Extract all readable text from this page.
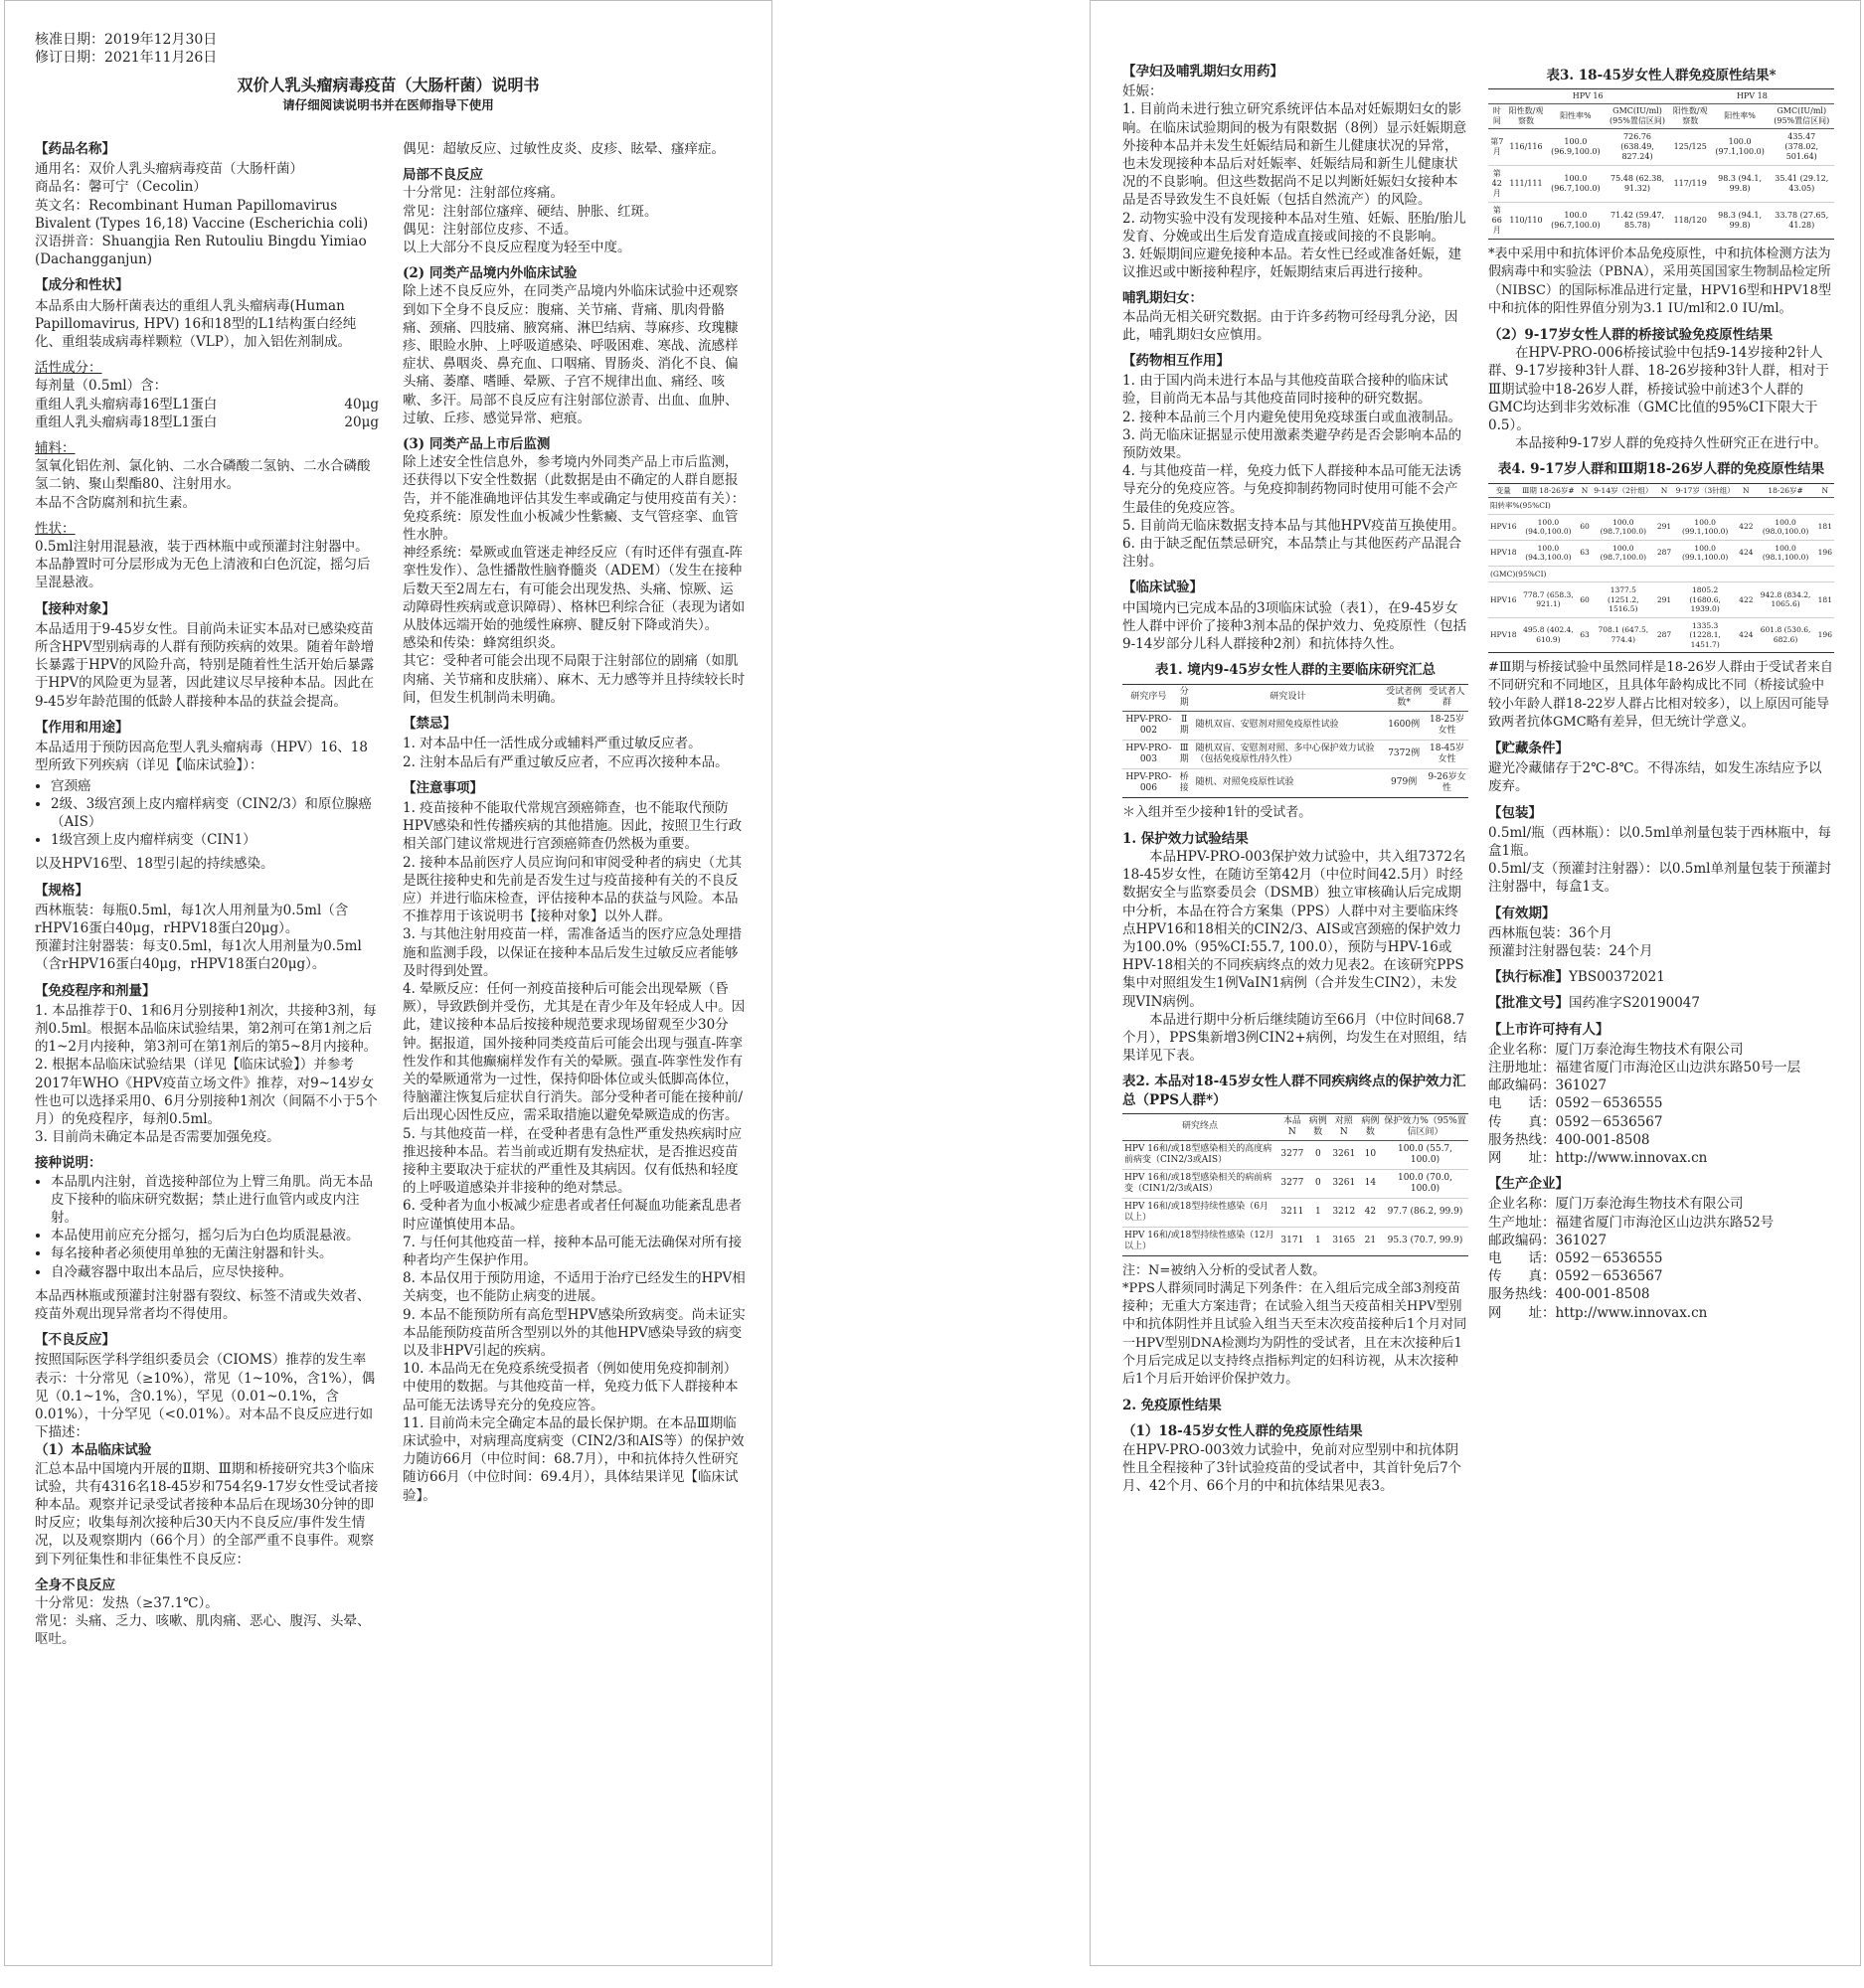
核准日期：2019年12月30日
修订日期：2021年11月26日
双价人乳头瘤病毒疫苗（大肠杆菌）说明书
请仔细阅读说明书并在医师指导下使用

【药品名称】
通用名：双价人乳头瘤病毒疫苗（大肠杆菌）
商品名：馨可宁（Cecolin）
英文名：Recombinant Human Papillomavirus Bivalent (Types 16,18) Vaccine (Escherichia coli)
汉语拼音：Shuangjia Ren Rutouliu Bingdu Yimiao (Dachangganjun)

【成分和性状】
本品系由大肠杆菌表达的重组人乳头瘤病毒(Human Papillomavirus, HPV) 16和18型的L1结构蛋白经纯化、重组装成病毒样颗粒（VLP），加入铝佐剂制成。

活性成分：
每剂量（0.5ml）含：
重组人乳头瘤病毒16型L1蛋白	40μg
重组人乳头瘤病毒18型L1蛋白	20μg

辅料：
氢氧化铝佐剂、氯化钠、二水合磷酸二氢钠、二水合磷酸氢二钠、聚山梨酯80、注射用水。
本品不含防腐剂和抗生素。

性状：
0.5ml注射用混悬液，装于西林瓶中或预灌封注射器中。
本品静置时可分层形成为无色上清液和白色沉淀，摇匀后呈混悬液。

【接种对象】
本品适用于9-45岁女性。目前尚未证实本品对已感染疫苗所含HPV型别病毒的人群有预防疾病的效果。随着年龄增长暴露于HPV的风险升高，特别是随着性生活开始后暴露于HPV的风险更为显著，因此建议尽早接种本品。因此在9-45岁年龄范围的低龄人群接种本品的获益会提高。

【作用和用途】
本品适用于预防因高危型人乳头瘤病毒（HPV）16、18型所致下列疾病（详见【临床试验】）：

• 宫颈癌
• 2级、3级宫颈上皮内瘤样病变（CIN2/3）和原位腺癌（AIS）
• 1级宫颈上皮内瘤样病变（CIN1）

以及HPV16型、18型引起的持续感染。

【规格】
西林瓶装：每瓶0.5ml，每1次人用剂量为0.5ml（含rHPV16蛋白40μg，rHPV18蛋白20μg）。
预灌封注射器装：每支0.5ml，每1次人用剂量为0.5ml（含rHPV16蛋白40μg，rHPV18蛋白20μg）。

【免疫程序和剂量】
1. 本品推荐于0、1和6月分别接种1剂次，共接种3剂，每剂0.5ml。根据本品临床试验结果，第2剂可在第1剂之后的1~2月内接种，第3剂可在第1剂后的第5~8月内接种。
2. 根据本品临床试验结果（详见【临床试验】）并参考2017年WHO《HPV疫苗立场文件》推荐，对9~14岁女性也可以选择采用0、6月分别接种1剂次（间隔不小于5个月）的免疫程序，每剂0.5ml。
3. 目前尚未确定本品是否需要加强免疫。

接种说明：

• 本品肌内注射，首选接种部位为上臂三角肌。尚无本品皮下接种的临床研究数据；禁止进行血管内或皮内注射。
• 本品使用前应充分摇匀，摇匀后为白色均质混悬液。
• 每名接种者必须使用单独的无菌注射器和针头。
• 自冷藏容器中取出本品后，应尽快接种。

本品西林瓶或预灌封注射器有裂纹、标签不清或失效者、疫苗外观出现异常者均不得使用。

【不良反应】
按照国际医学科学组织委员会（CIOMS）推荐的发生率表示：十分常见（≥10%），常见（1~10%，含1%），偶见（0.1~1%，含0.1%），罕见（0.01~0.1%，含0.01%），十分罕见（<0.01%）。对本品不良反应进行如下描述：
（1）本品临床试验
汇总本品中国境内开展的Ⅱ期、Ⅲ期和桥接研究共3个临床试验，共有4316名18-45岁和754名9-17岁女性受试者接种本品。观察并记录受试者接种本品后在现场30分钟的即时反应；收集每剂次接种后30天内不良反应/事件发生情况，以及观察期内（66个月）的全部严重不良事件。观察到下列征集性和非征集性不良反应：

全身不良反应
十分常见：发热（≥37.1℃）。
常见：头痛、乏力、咳嗽、肌肉痛、恶心、腹泻、头晕、呕吐。

偶见：超敏反应、过敏性皮炎、皮疹、眩晕、瘙痒症。

局部不良反应
十分常见：注射部位疼痛。
常见：注射部位瘙痒、硬结、肿胀、红斑。
偶见：注射部位皮疹、不适。
以上大部分不良反应程度为轻至中度。

(2) 同类产品境内外临床试验
除上述不良反应外，在同类产品境内外临床试验中还观察到如下全身不良反应：腹痛、关节痛、背痛、肌肉骨骼痛、颈痛、四肢痛、腋窝痛、淋巴结病、荨麻疹、玫瑰糠疹、眼睑水肿、上呼吸道感染、呼吸困难、寒战、流感样症状、鼻咽炎、鼻充血、口咽痛、胃肠炎、消化不良、偏头痛、萎靡、嗜睡、晕厥、子宫不规律出血、痛经、咳嗽、多汗。局部不良反应有注射部位淤青、出血、血肿、过敏、丘疹、感觉异常、疤痕。

(3) 同类产品上市后监测
除上述安全性信息外，参考境内外同类产品上市后监测，还获得以下安全性数据（此数据是由不确定的人群自愿报告，并不能准确地评估其发生率或确定与使用疫苗有关）：
免疫系统：原发性血小板减少性紫癜、支气管痉挛、血管性水肿。
神经系统：晕厥或血管迷走神经反应（有时还伴有强直-阵挛性发作）、急性播散性脑脊髓炎（ADEM）（发生在接种后数天至2周左右，有可能会出现发热、头痛、惊厥、运动障碍性疾病或意识障碍）、格林巴利综合征（表现为诸如从肢体远端开始的弛缓性麻痹、腱反射下降或消失）。
感染和传染：蜂窝组织炎。
其它：受种者可能会出现不局限于注射部位的剧痛（如肌肉痛、关节痛和皮肤痛）、麻木、无力感等并且持续较长时间，但发生机制尚未明确。

【禁忌】
1. 对本品中任一活性成分或辅料严重过敏反应者。
2. 注射本品后有严重过敏反应者，不应再次接种本品。

【注意事项】
1. 疫苗接种不能取代常规宫颈癌筛查，也不能取代预防HPV感染和性传播疾病的其他措施。因此，按照卫生行政相关部门建议常规进行宫颈癌筛查仍然极为重要。
2. 接种本品前医疗人员应询问和审阅受种者的病史（尤其是既往接种史和先前是否发生过与疫苗接种有关的不良反应）并进行临床检查，评估接种本品的获益与风险。本品不推荐用于该说明书【接种对象】以外人群。
3. 与其他注射用疫苗一样，需准备适当的医疗应急处理措施和监测手段，以保证在接种本品后发生过敏反应者能够及时得到处置。
4. 晕厥反应：任何一剂疫苗接种后可能会出现晕厥（昏厥），导致跌倒并受伤，尤其是在青少年及年轻成人中。因此，建议接种本品后按接种规范要求现场留观至少30分钟。据报道，国外接种同类疫苗后可能会出现与强直-阵挛性发作和其他癫痫样发作有关的晕厥。强直-阵挛性发作有关的晕厥通常为一过性，保持仰卧体位或头低脚高体位，待脑灌注恢复后症状自行消失。部分受种者可能在接种前/后出现心因性反应，需采取措施以避免晕厥造成的伤害。
5. 与其他疫苗一样，在受种者患有急性严重发热疾病时应推迟接种本品。若当前或近期有发热症状，是否推迟疫苗接种主要取决于症状的严重性及其病因。仅有低热和轻度的上呼吸道感染并非接种的绝对禁忌。
6. 受种者为血小板减少症患者或者任何凝血功能紊乱患者时应谨慎使用本品。
7. 与任何其他疫苗一样，接种本品可能无法确保对所有接种者均产生保护作用。
8. 本品仅用于预防用途，不适用于治疗已经发生的HPV相关病变，也不能防止病变的进展。
9. 本品不能预防所有高危型HPV感染所致病变。尚未证实本品能预防疫苗所含型别以外的其他HPV感染导致的病变以及非HPV引起的疾病。
10. 本品尚无在免疫系统受损者（例如使用免疫抑制剂）中使用的数据。与其他疫苗一样，免疫力低下人群接种本品可能无法诱导充分的免疫应答。
11. 目前尚未完全确定本品的最长保护期。在本品Ⅲ期临床试验中，对病理高度病变（CIN2/3和AIS等）的保护效力随访66月（中位时间：68.7月），中和抗体持久性研究随访66月（中位时间：69.4月），具体结果详见【临床试验】。

【孕妇及哺乳期妇女用药】
妊娠：
1. 目前尚未进行独立研究系统评估本品对妊娠期妇女的影响。在临床试验期间的极为有限数据（8例）显示妊娠期意外接种本品并未发生妊娠结局和新生儿健康状况的异常，也未发现接种本品后对妊娠率、妊娠结局和新生儿健康状况的不良影响。但这些数据尚不足以判断妊娠妇女接种本品是否导致发生不良妊娠（包括自然流产）的风险。
2. 动物实验中没有发现接种本品对生殖、妊娠、胚胎/胎儿发育、分娩或出生后发育造成直接或间接的不良影响。
3. 妊娠期间应避免接种本品。若女性已经或准备妊娠，建议推迟或中断接种程序，妊娠期结束后再进行接种。

哺乳期妇女：
本品尚无相关研究数据。由于许多药物可经母乳分泌，因此，哺乳期妇女应慎用。

【药物相互作用】
1. 由于国内尚未进行本品与其他疫苗联合接种的临床试验，目前尚无本品与其他疫苗同时接种的研究数据。
2. 接种本品前三个月内避免使用免疫球蛋白或血液制品。
3. 尚无临床证据显示使用激素类避孕药是否会影响本品的预防效果。
4. 与其他疫苗一样，免疫力低下人群接种本品可能无法诱导充分的免疫应答。与免疫抑制药物同时使用可能不会产生最佳的免疫应答。
5. 目前尚无临床数据支持本品与其他HPV疫苗互换使用。
6. 由于缺乏配伍禁忌研究，本品禁止与其他医药产品混合注射。

【临床试验】
中国境内已完成本品的3项临床试验（表1），在9-45岁女性人群中评价了接种3剂本品的保护效力、免疫原性（包括9-14岁部分儿科人群接种2剂）和抗体持久性。

表1. 境内9-45岁女性人群的主要临床研究汇总
研究序号	分期	研究设计	受试者例数*	受试者人群
HPV-PRO-002	Ⅱ期	随机双盲、安慰剂对照免疫原性试验	1600例	18-25岁女性
HPV-PRO-003	Ⅲ期	随机双盲、安慰剂对照、多中心保护效力试验（包括免疫原性/持久性）	7372例	18-45岁女性
HPV-PRO-006	桥接	随机、对照免疫原性试验	979例	9-26岁女性

＊入组并至少接种1针的受试者。

1. 保护效力试验结果
本品HPV-PRO-003保护效力试验中，共入组7372名18-45岁女性，在随访至第42月（中位时间42.5月）时经数据安全与监察委员会（DSMB）独立审核确认后完成期中分析，本品在符合方案集（PPS）人群中对主要临床终点HPV16和18相关的CIN2/3、AIS或宫颈癌的保护效力为100.0%（95%CI:55.7, 100.0），预防与HPV-16或HPV-18相关的不同疾病终点的效力见表2。在该研究PPS集中对照组发生1例VaIN1病例（合并发生CIN2），未发现VIN病例。
本品进行期中分析后继续随访至66月（中位时间68.7个月），PPS集新增3例CIN2+病例，均发生在对照组，结果详见下表。

表2. 本品对18-45岁女性人群不同疾病终点的保护效力汇总（PPS人群*）
研究终点	本品 N	病例数	对照 N	病例数	保护效力%（95%置信区间）
HPV 16和/或18型感染相关的高度病前病变（CIN2/3或AIS）	3277	0	3261	10	100.0 (55.7, 100.0)
HPV 16和/或18型感染相关的病前病变（CIN1/2/3或AIS）	3277	0	3261	14	100.0 (70.0, 100.0)
HPV 16和/或18型持续性感染（6月以上）	3211	1	3212	42	97.7 (86.2, 99.9)
HPV 16和/或18型持续性感染（12月以上）	3171	1	3165	21	95.3 (70.7, 99.9)

注：N=被纳入分析的受试者人数。
*PPS人群须同时满足下列条件：在入组后完成全部3剂疫苗接种；无重大方案违背；在试验入组当天疫苗相关HPV型别中和抗体阴性并且试验入组当天至末次疫苗接种后1个月对同一HPV型别DNA检测均为阴性的受试者，且在末次接种后1个月后完成足以支持终点指标判定的妇科访视，从末次接种后1个月后开始评价保护效力。

2. 免疫原性结果

（1）18-45岁女性人群的免疫原性结果
在HPV-PRO-003效力试验中，免前对应型别中和抗体阴性且全程接种了3针试验疫苗的受试者中，其首针免后7个月、42个月、66个月的中和抗体结果见表3。

表3. 18-45岁女性人群免疫原性结果*
	HPV 16			HPV 18		
时间	阳性数/观察数	阳性率%	GMC(IU/ml)(95%置信区间)	阳性数/观察数	阳性率%	GMC(IU/ml)(95%置信区间)
第7月	116/116	100.0 (96.9,100.0)	726.76 (638.49, 827.24)	125/125	100.0 (97.1,100.0)	435.47 (378.02, 501.64)
第42月	111/111	100.0 (96.7,100.0)	75.48 (62.38, 91.32)	117/119	98.3 (94.1, 99.8)	35.41 (29.12, 43.05)
第66月	110/110	100.0 (96.7,100.0)	71.42 (59.47, 85.78)	118/120	98.3 (94.1, 99.8)	33.78 (27.65, 41.28)

*表中采用中和抗体评价本品免疫原性，中和抗体检测方法为假病毒中和实验法（PBNA），采用英国国家生物制品检定所（NIBSC）的国际标准品进行定量，HPV16型和HPV18型中和抗体的阳性界值分别为3.1 IU/ml和2.0 IU/ml。

（2）9-17岁女性人群的桥接试验免疫原性结果
在HPV-PRO-006桥接试验中包括9-14岁接种2针人群、9-17岁接种3针人群、18-26岁接种3针人群，相对于Ⅲ期试验中18-26岁人群，桥接试验中前述3个人群的GMC均达到非劣效标准（GMC比值的95%CI下限大于0.5）。
本品接种9-17岁人群的免疫持久性研究正在进行中。

表4. 9-17岁人群和Ⅲ期18-26岁人群的免疫原性结果
变量	Ⅲ期 18-26岁#	N	9-14岁（2针组）	N	9-17岁（3针组）	N	18-26岁#	N
阳转率%(95%CI)								
HPV16	100.0 (94.0,100.0)	60	100.0 (98.7,100.0)	291	100.0 (99.1,100.0)	422	100.0 (98.0,100.0)	181
HPV18	100.0 (94.3,100.0)	63	100.0 (98.7,100.0)	287	100.0 (99.1,100.0)	424	100.0 (98.1,100.0)	196
(GMC)(95%CI)								
HPV16	778.7 (658.3, 921.1)	60	1377.5 (1251.2, 1516.5)	291	1805.2 (1680.6, 1939.0)	422	942.8 (834.2, 1065.6)	181
HPV18	495.8 (402.4, 610.9)	63	708.1 (647.5, 774.4)	287	1335.3 (1228.1, 1451.7)	424	601.8 (530.6, 682.6)	196

#Ⅲ期与桥接试验中虽然同样是18-26岁人群由于受试者来自不同研究和不同地区，且具体年龄构成比不同（桥接试验中较小年龄人群18-22岁人群占比相对较多），以上原因可能导致两者抗体GMC略有差异，但无统计学意义。

【贮藏条件】
避光冷藏储存于2℃-8℃。不得冻结，如发生冻结应予以废弃。

【包装】
0.5ml/瓶（西林瓶）：以0.5ml单剂量包装于西林瓶中，每盒1瓶。
0.5ml/支（预灌封注射器）：以0.5ml单剂量包装于预灌封注射器中，每盒1支。

【有效期】
西林瓶包装：36个月
预灌封注射器包装：24个月

【执行标准】YBS00372021

【批准文号】国药准字S20190047

【上市许可持有人】
企业名称：厦门万泰沧海生物技术有限公司
注册地址：福建省厦门市海沧区山边洪东路50号一层
邮政编码：361027
电　　话：0592－6536555
传　　真：0592－6536567
服务热线：400-001-8508
网　　址：http://www.innovax.cn

【生产企业】
企业名称：厦门万泰沧海生物技术有限公司
生产地址：福建省厦门市海沧区山边洪东路52号
邮政编码：361027
电　　话：0592－6536555
传　　真：0592－6536567
服务热线：400-001-8508
网　　址：http://www.innovax.cn
